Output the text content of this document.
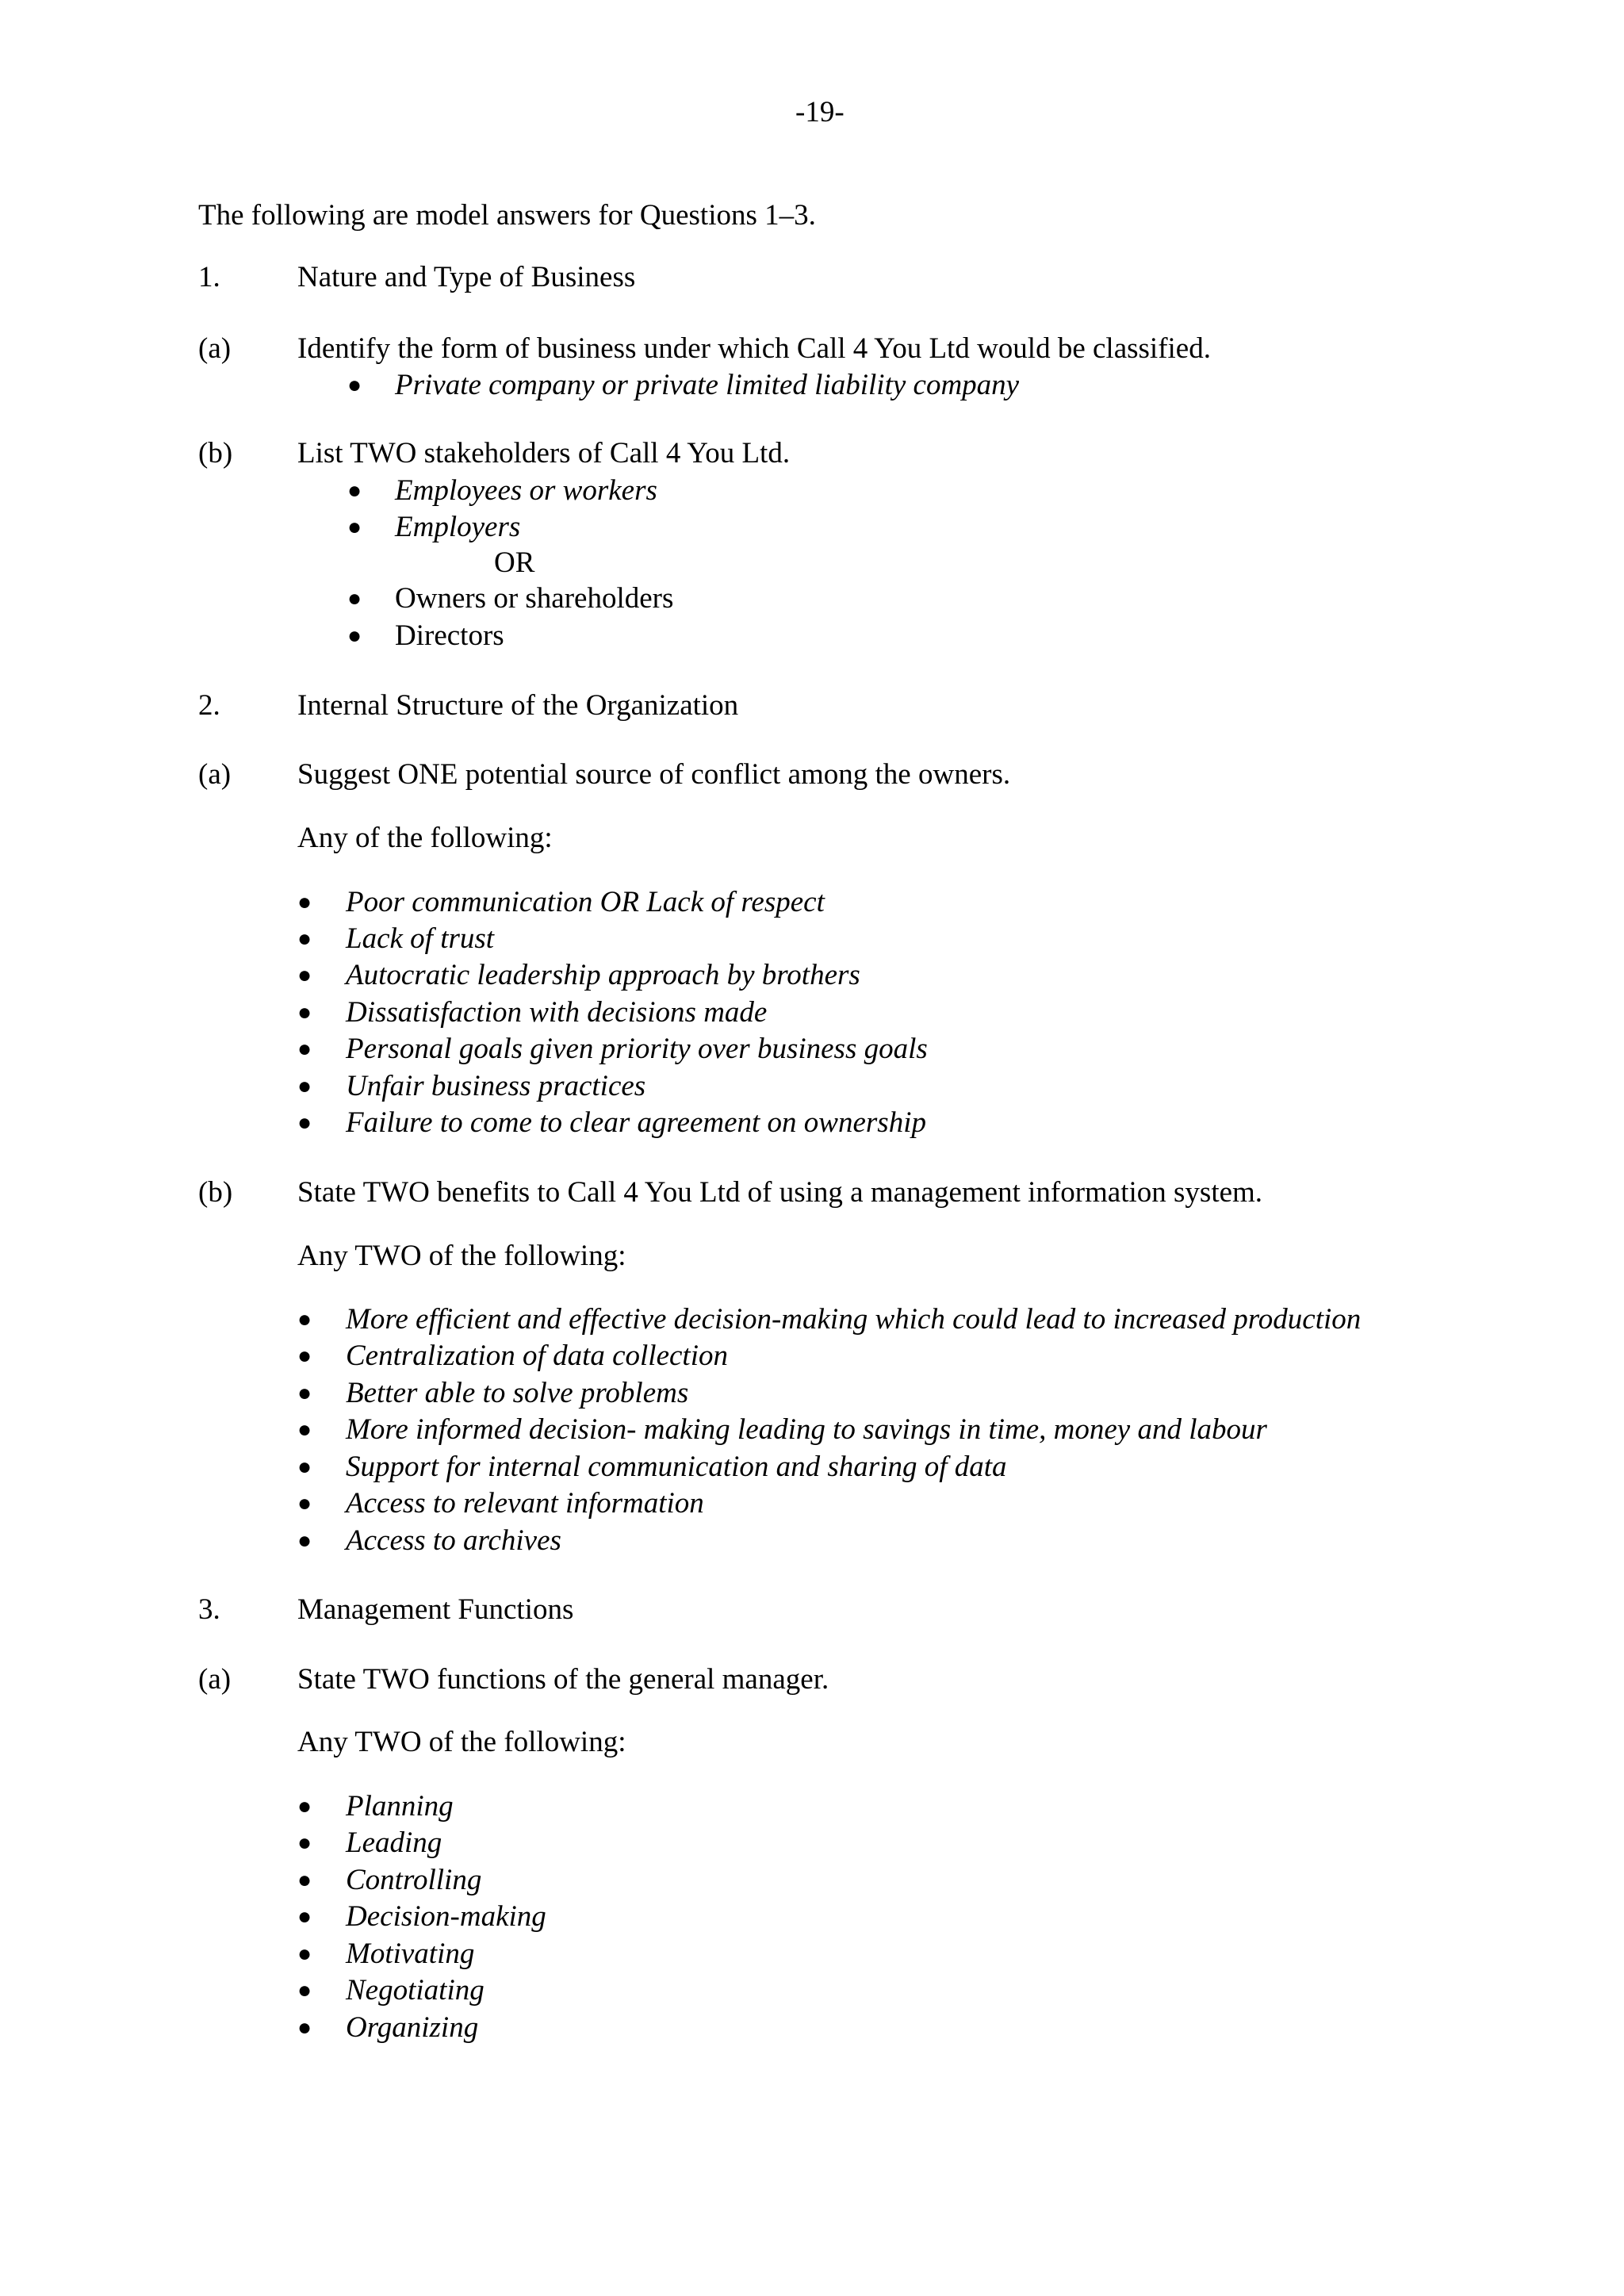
-19-
The following are model answers for Questions 1–3.
1.	Nature and Type of Business
(a) Identify the form of business under which Call 4 You Ltd would be classified.
● Private company or private limited liability company
(b) List TWO stakeholders of Call 4 You Ltd.
● Employees or workers
● Employers
OR
● Owners or shareholders
● Directors
2.	Internal Structure of the Organization
(a) Suggest ONE potential source of conflict among the owners.
Any of the following:
● Poor communication OR Lack of respect
● Lack of trust
● Autocratic leadership approach by brothers
● Dissatisfaction with decisions made
● Personal goals given priority over business goals
● Unfair business practices
● Failure to come to clear agreement on ownership
(b) State TWO benefits to Call 4 You Ltd of using a management information system.
Any TWO of the following:
● More efficient and effective decision-making which could lead to increased production
● Centralization of data collection
● Better able to solve problems
● More informed decision- making leading to savings in time, money and labour
● Support for internal communication and sharing of data
● Access to relevant information
● Access to archives
3.	Management Functions
(a) State TWO functions of the general manager.
Any TWO of the following:
● Planning
● Leading
● Controlling
● Decision-making
● Motivating
● Negotiating
● Organizing
